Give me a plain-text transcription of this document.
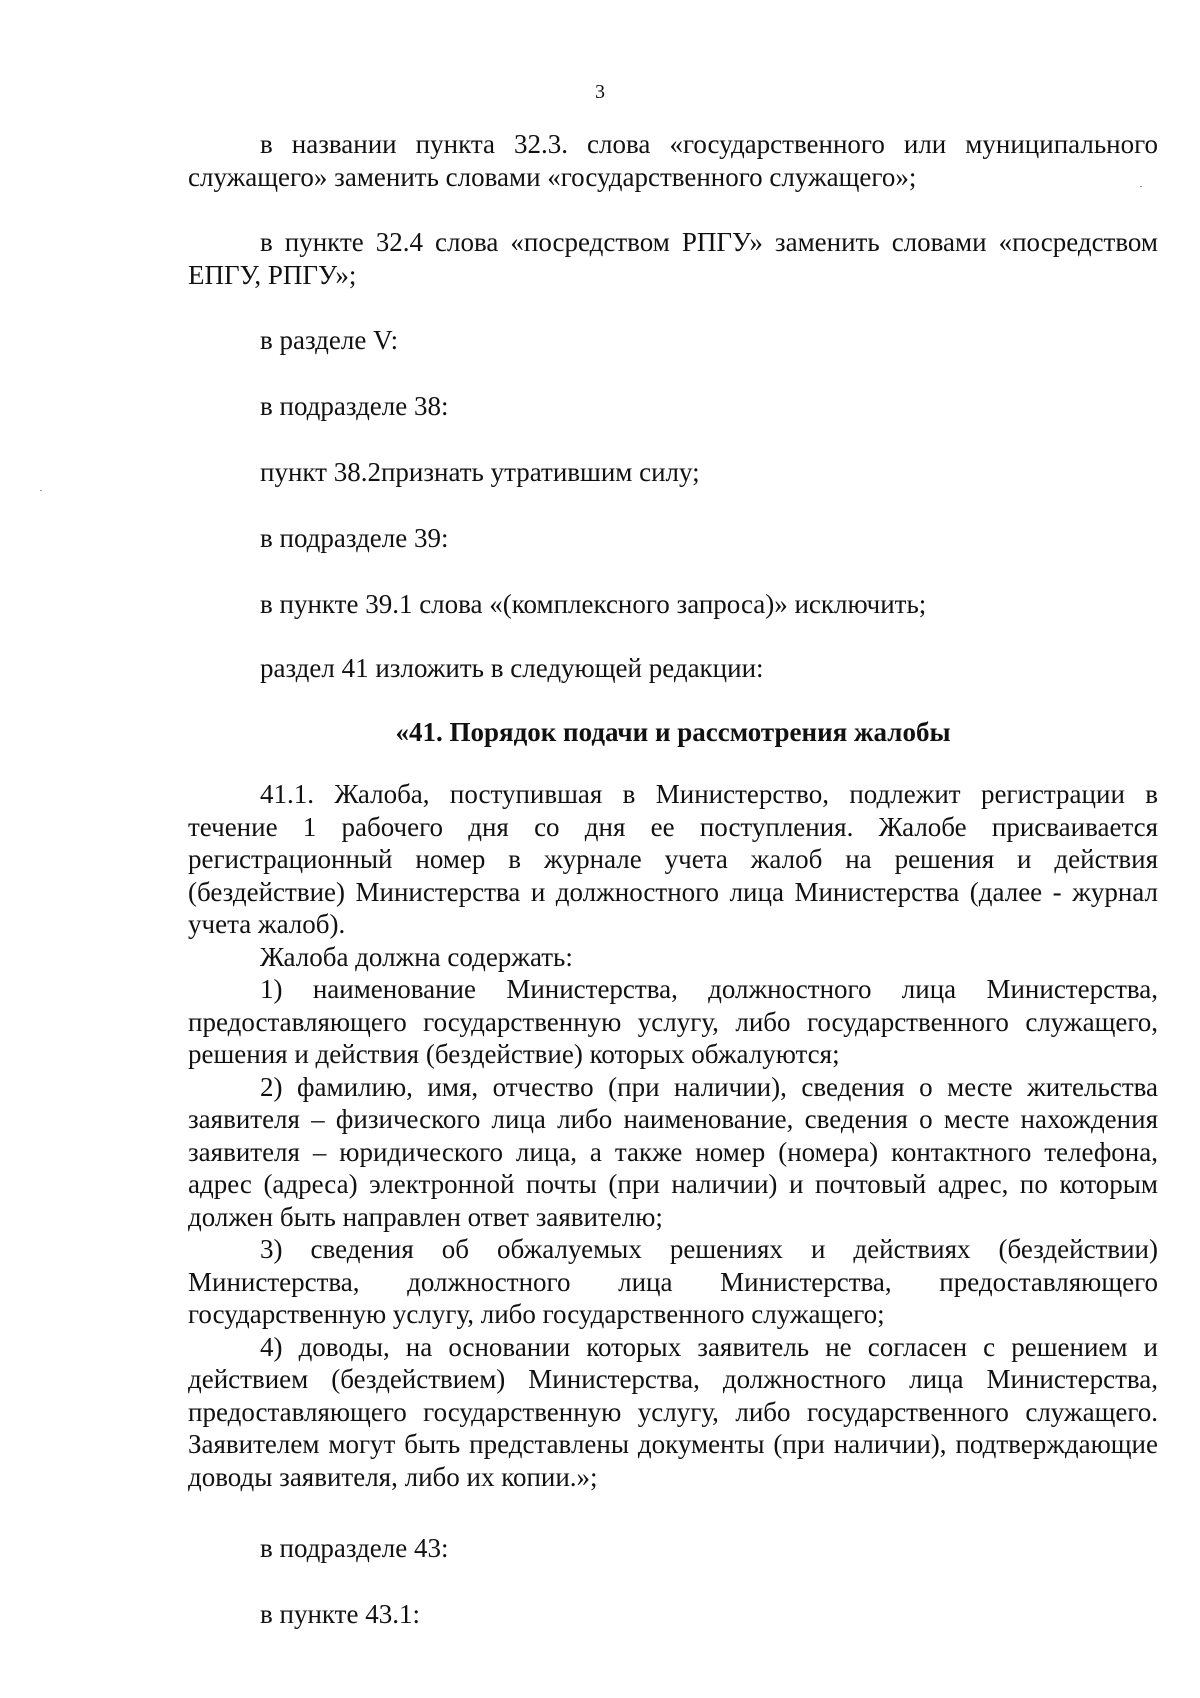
3

в названии пункта 32.3. слова «государственного или муниципального служащего» заменить словами «государственного служащего»;

в пункте 32.4 слова «посредством РПГУ» заменить словами «посредством ЕПГУ, РПГУ»;

в разделе V:

в подразделе 38:

пункт 38.2признать утратившим силу;

в подразделе 39:

в пункте 39.1 слова «(комплексного запроса)» исключить;

раздел 41 изложить в следующей редакции:

«41. Порядок подачи и рассмотрения жалобы

41.1. Жалоба, поступившая в Министерство, подлежит регистрации в течение 1 рабочего дня со дня ее поступления. Жалобе присваивается регистрационный номер в журнале учета жалоб на решения и действия (бездействие) Министерства и должностного лица Министерства (далее - журнал учета жалоб).

Жалоба должна содержать:

1) наименование Министерства, должностного лица Министерства, предоставляющего государственную услугу, либо государственного служащего, решения и действия (бездействие) которых обжалуются;

2) фамилию, имя, отчество (при наличии), сведения о месте жительства заявителя – физического лица либо наименование, сведения о месте нахождения заявителя – юридического лица, а также номер (номера) контактного телефона, адрес (адреса) электронной почты (при наличии) и почтовый адрес, по которым должен быть направлен ответ заявителю;

3) сведения об обжалуемых решениях и действиях (бездействии) Министерства, должностного лица Министерства, предоставляющего государственную услугу, либо государственного служащего;

4) доводы, на основании которых заявитель не согласен с решением и действием (бездействием) Министерства, должностного лица Министерства, предоставляющего государственную услугу, либо государственного служащего. Заявителем могут быть представлены документы (при наличии), подтверждающие доводы заявителя, либо их копии.»;

в подразделе 43:

в пункте 43.1:
